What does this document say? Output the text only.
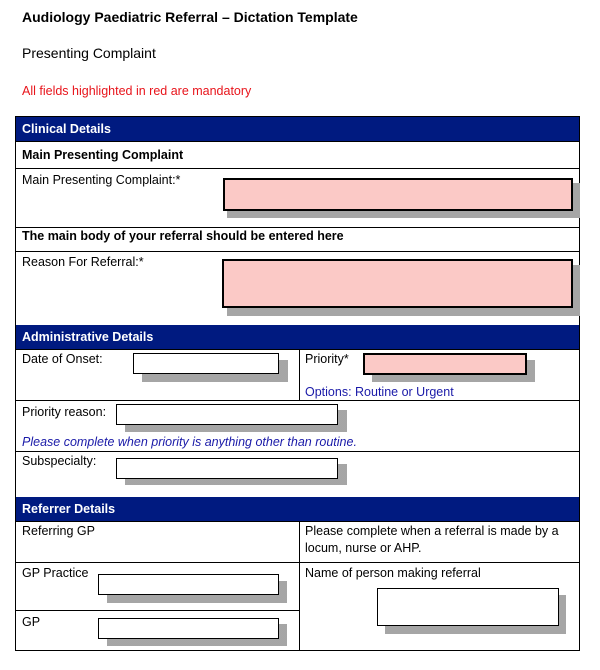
Audiology Paediatric Referral – Dictation Template
Presenting Complaint
All fields highlighted in red are mandatory
Clinical Details
Main Presenting Complaint
Main Presenting Complaint:*
The main body of your referral should be entered here
Reason For Referral:*
Administrative Details
Date of Onset:	Priority*
Options: Routine or Urgent
Priority reason:
Please complete when priority is anything other than routine.
Subspecialty:
Referrer Details
Referring GP	Please complete when a referral is made by a
locum, nurse or AHP.
GP Practice	Name of person making referral
GP
